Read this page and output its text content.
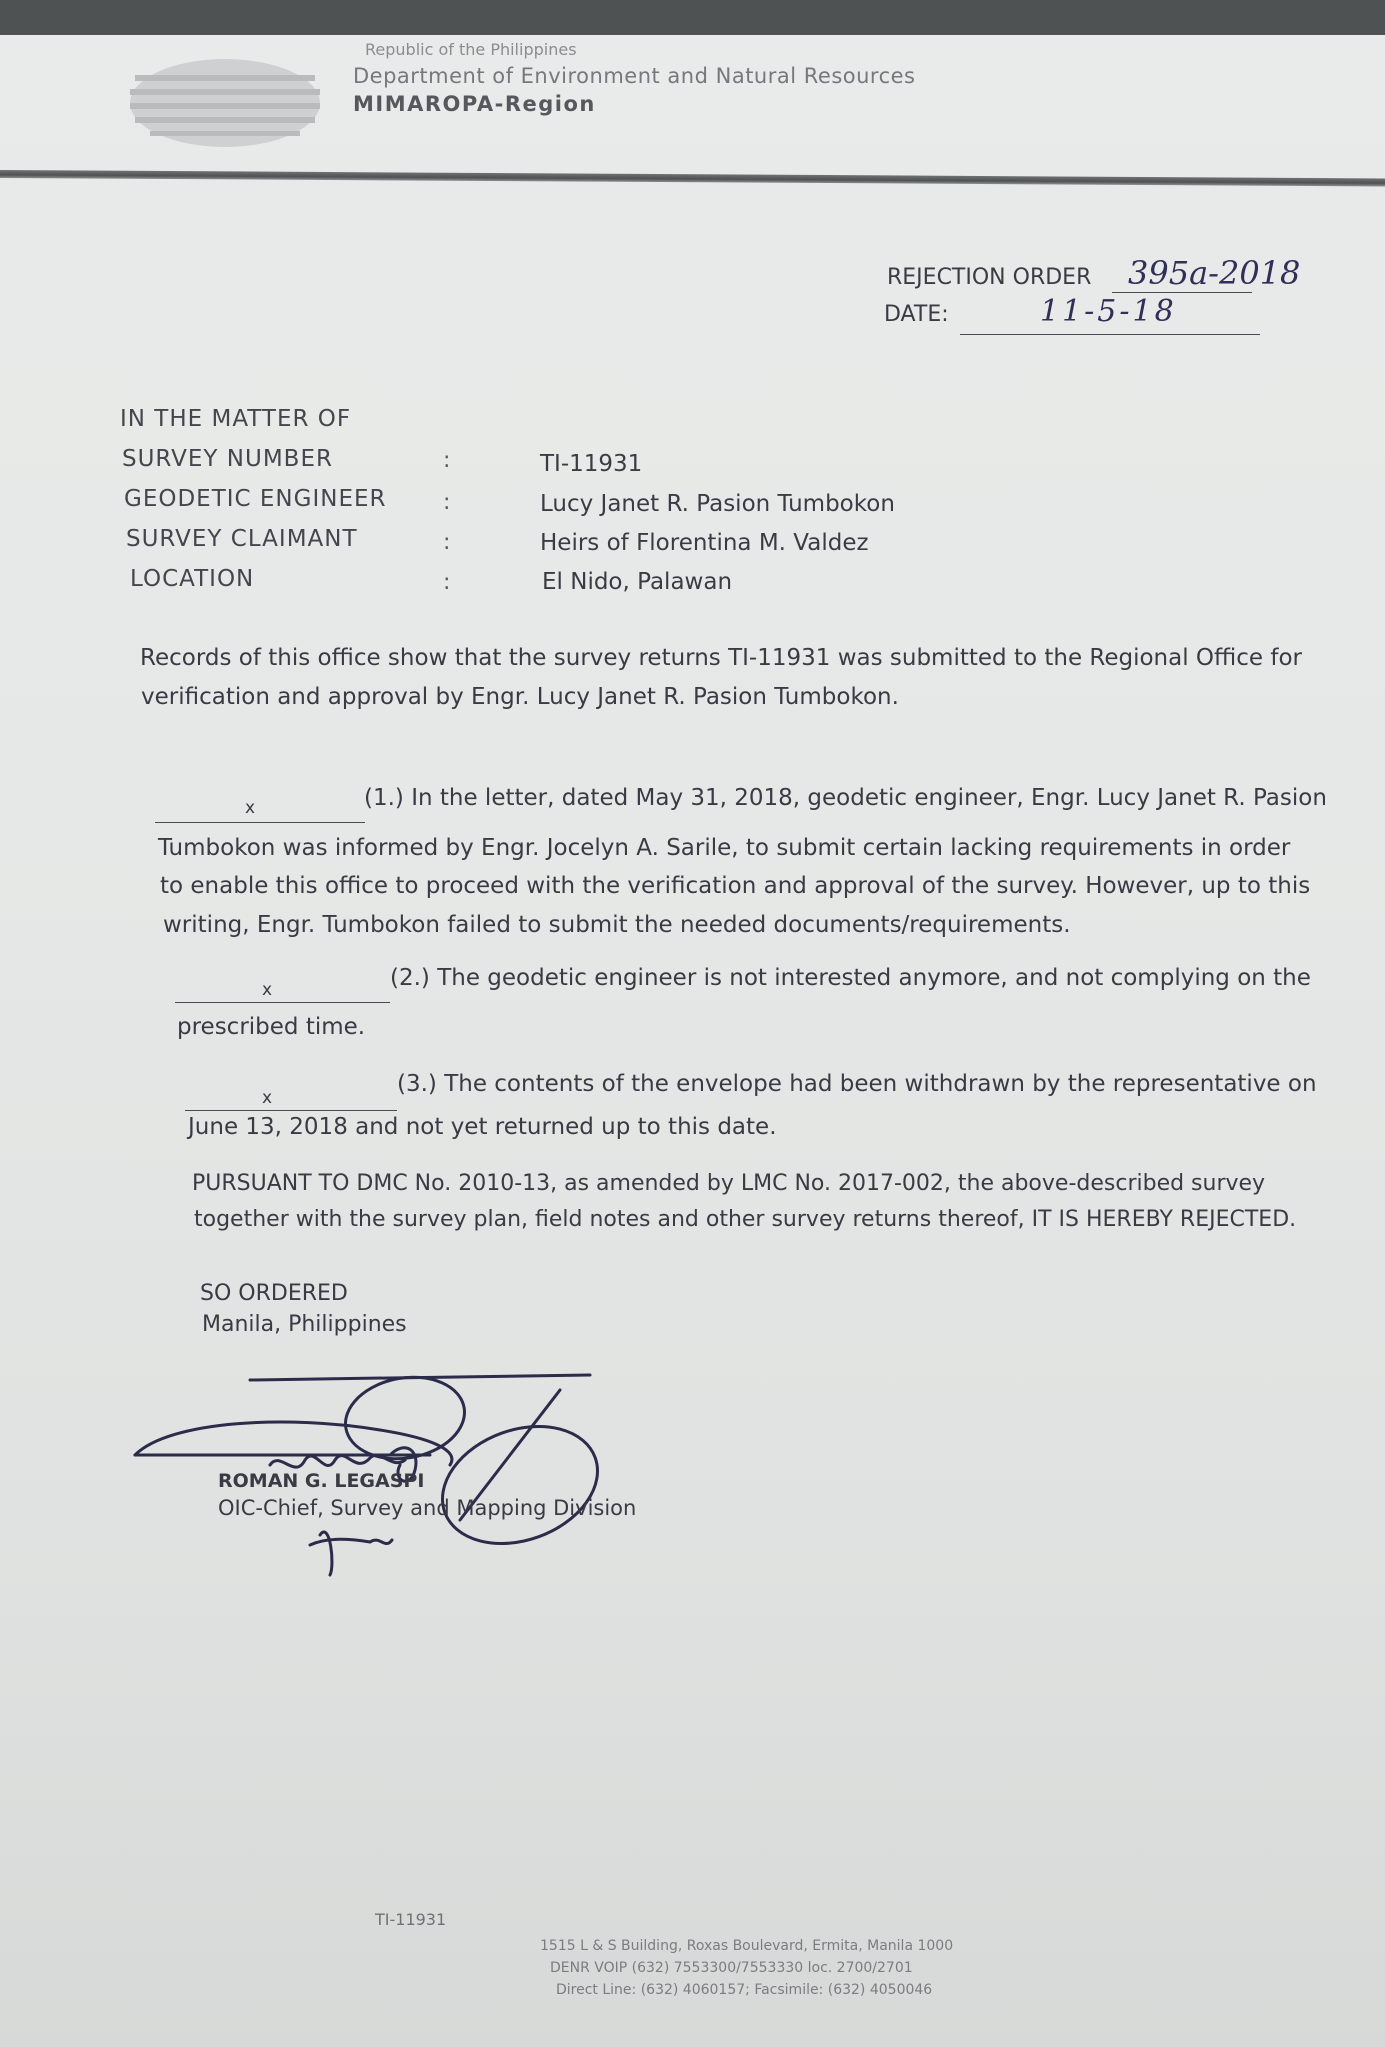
Republic of the Philippines
Department of Environment and Natural Resources
MIMAROPA-Region
REJECTION ORDER 395a-2018
DATE:	11-5-18
IN THE MATTER OF
SURVEY NUMBER	:	TI-11931
GEODETIC ENGINEER	:	Lucy Janet R. Pasion Tumbokon
SURVEY CLAIMANT	:	Heirs of Florentina M. Valdez
LOCATION	:	El Nido, Palawan
Records of this office show that the survey returns TI-11931 was submitted to the Regional Office for
verification and approval by Engr. Lucy Janet R. Pasion Tumbokon.
x	(1.) In the letter, dated May 31, 2018, geodetic engineer, Engr. Lucy Janet R. Pasion
Tumbokon was informed by Engr. Jocelyn A. Sarile, to submit certain lacking requirements in order
to enable this office to proceed with the verification and approval of the survey. However, up to this
writing, Engr. Tumbokon failed to submit the needed documents/requirements.
x	(2.) The geodetic engineer is not interested anymore, and not complying on the
prescribed time.
x
(3.) The contents of the envelope had been withdrawn by the representative on
June 13, 2018 and not yet returned up to this date.
PURSUANT TO DMC No. 2010-13, as amended by LMC No. 2017-002, the above-described survey
together with the survey plan, field notes and other survey returns thereof, IT IS HEREBY REJECTED.
SO ORDERED
Manila, Philippines
ROMAN G. LEGASPI
OIC-Chief, Survey and Mapping Division
TI-11931
1515 L & S Building, Roxas Boulevard, Ermita, Manila 1000
DENR VOIP (632) 7553300/7553330 loc. 2700/2701
Direct Line: (632) 4060157; Facsimile: (632) 4050046
